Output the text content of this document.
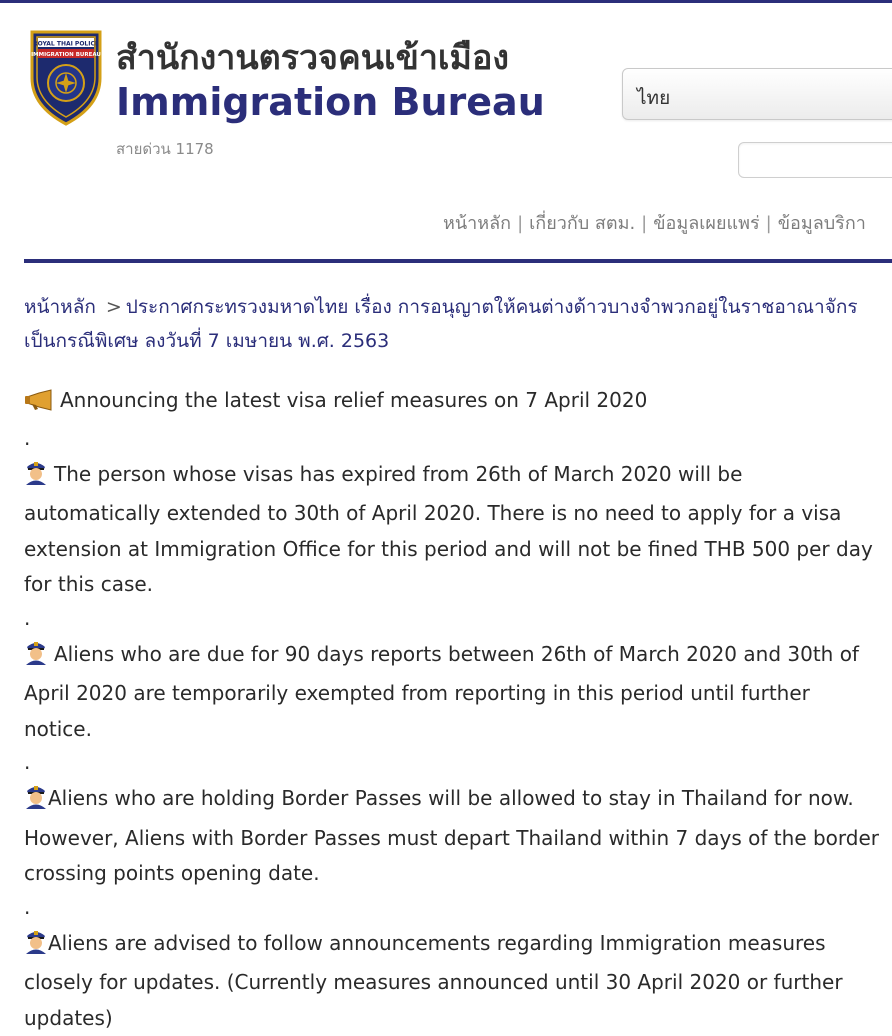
ROYAL THAI POLICE
IMMIGRATION BUREAU สำนักงานตรวจคนเข้าเมือง
Immigration Bureau
สายด่วน 1178
ไทย
หน้าหลัก | เกี่ยวกับ สตม. | ข้อมูลเผยแพร่ | ข้อมูลบริกา
หน้าหลัก > ประกาศกระทรวงมหาดไทย เรื่อง การอนุญาตให้คนต่างด้าวบางจำพวกอยู่ในราชอาณาจักรเป็นกรณีพิเศษ ลงวันที่ 7 เมษายน พ.ศ. 2563

Announcing the latest visa relief measures on 7 April 2020

.

The person whose visas has expired from 26th of March 2020 will be automatically extended to 30th of April 2020. There is no need to apply for a visa extension at Immigration Office for this period and will not be fined THB 500 per day for this case.

.

Aliens who are due for 90 days reports between 26th of March 2020 and 30th of April 2020 are temporarily exempted from reporting in this period until further notice.

.

Aliens who are holding Border Passes will be allowed to stay in Thailand for now. However, Aliens with Border Passes must depart Thailand within 7 days of the border crossing points opening date.

.

Aliens are advised to follow announcements regarding Immigration measures closely for updates. (Currently measures announced until 30 April 2020 or further updates)
